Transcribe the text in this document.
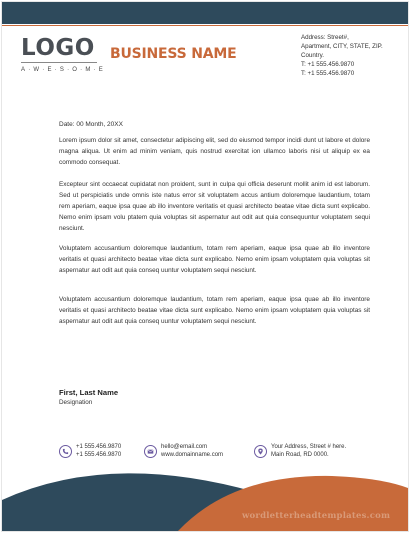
LOGO
A·W·E·S·O·M·E
BUSINESS NAME
Address: Street#,
Apartment, CITY, STATE, ZIP.
Country.
T: +1 555.456.9870
T: +1 555.456.9870
Date: 00 Month, 20XX
Lorem ipsum dolor sit amet, consectetur adipiscing elit, sed do eiusmod tempor incidi dunt ut labore et dolore magna aliqua. Ut enim ad minim veniam, quis nostrud exercitat ion ullamco laboris nisi ut aliquip ex ea commodo consequat.
Excepteur sint occaecat cupidatat non proident, sunt in culpa qui officia deserunt mollit anim id est laborum. Sed ut perspiciatis unde omnis iste natus error sit voluptatem accus antium doloremque laudantium, totam rem aperiam, eaque ipsa quae ab illo inventore veritatis et quasi architecto beatae vitae dicta sunt explicabo. Nemo enim ipsam volu ptatem quia voluptas sit aspernatur aut odit aut quia consequuntur voluptatem sequi nesciunt.
Voluptatem accusantium doloremque laudantium, totam rem aperiam, eaque ipsa quae ab illo inventore veritatis et quasi architecto beatae vitae dicta sunt explicabo. Nemo enim ipsam voluptatem quia voluptas sit aspernatur aut odit aut quia conseq uuntur voluptatem sequi nesciunt.
Voluptatem accusantium doloremque laudantium, totam rem aperiam, eaque ipsa quae ab illo inventore veritatis et quasi architecto beatae vitae dicta sunt explicabo. Nemo enim ipsam voluptatem quia voluptas sit aspernatur aut odit aut quia conseq uuntur voluptatem sequi nesciunt.
First, Last Name
Designation
+1 555.456.9870
+1 555.456.9870
hello@email.com
www.domainname.com
Your Address, Street # here.
Main Road, RD 0000.
wordletterheadtemplates.com
